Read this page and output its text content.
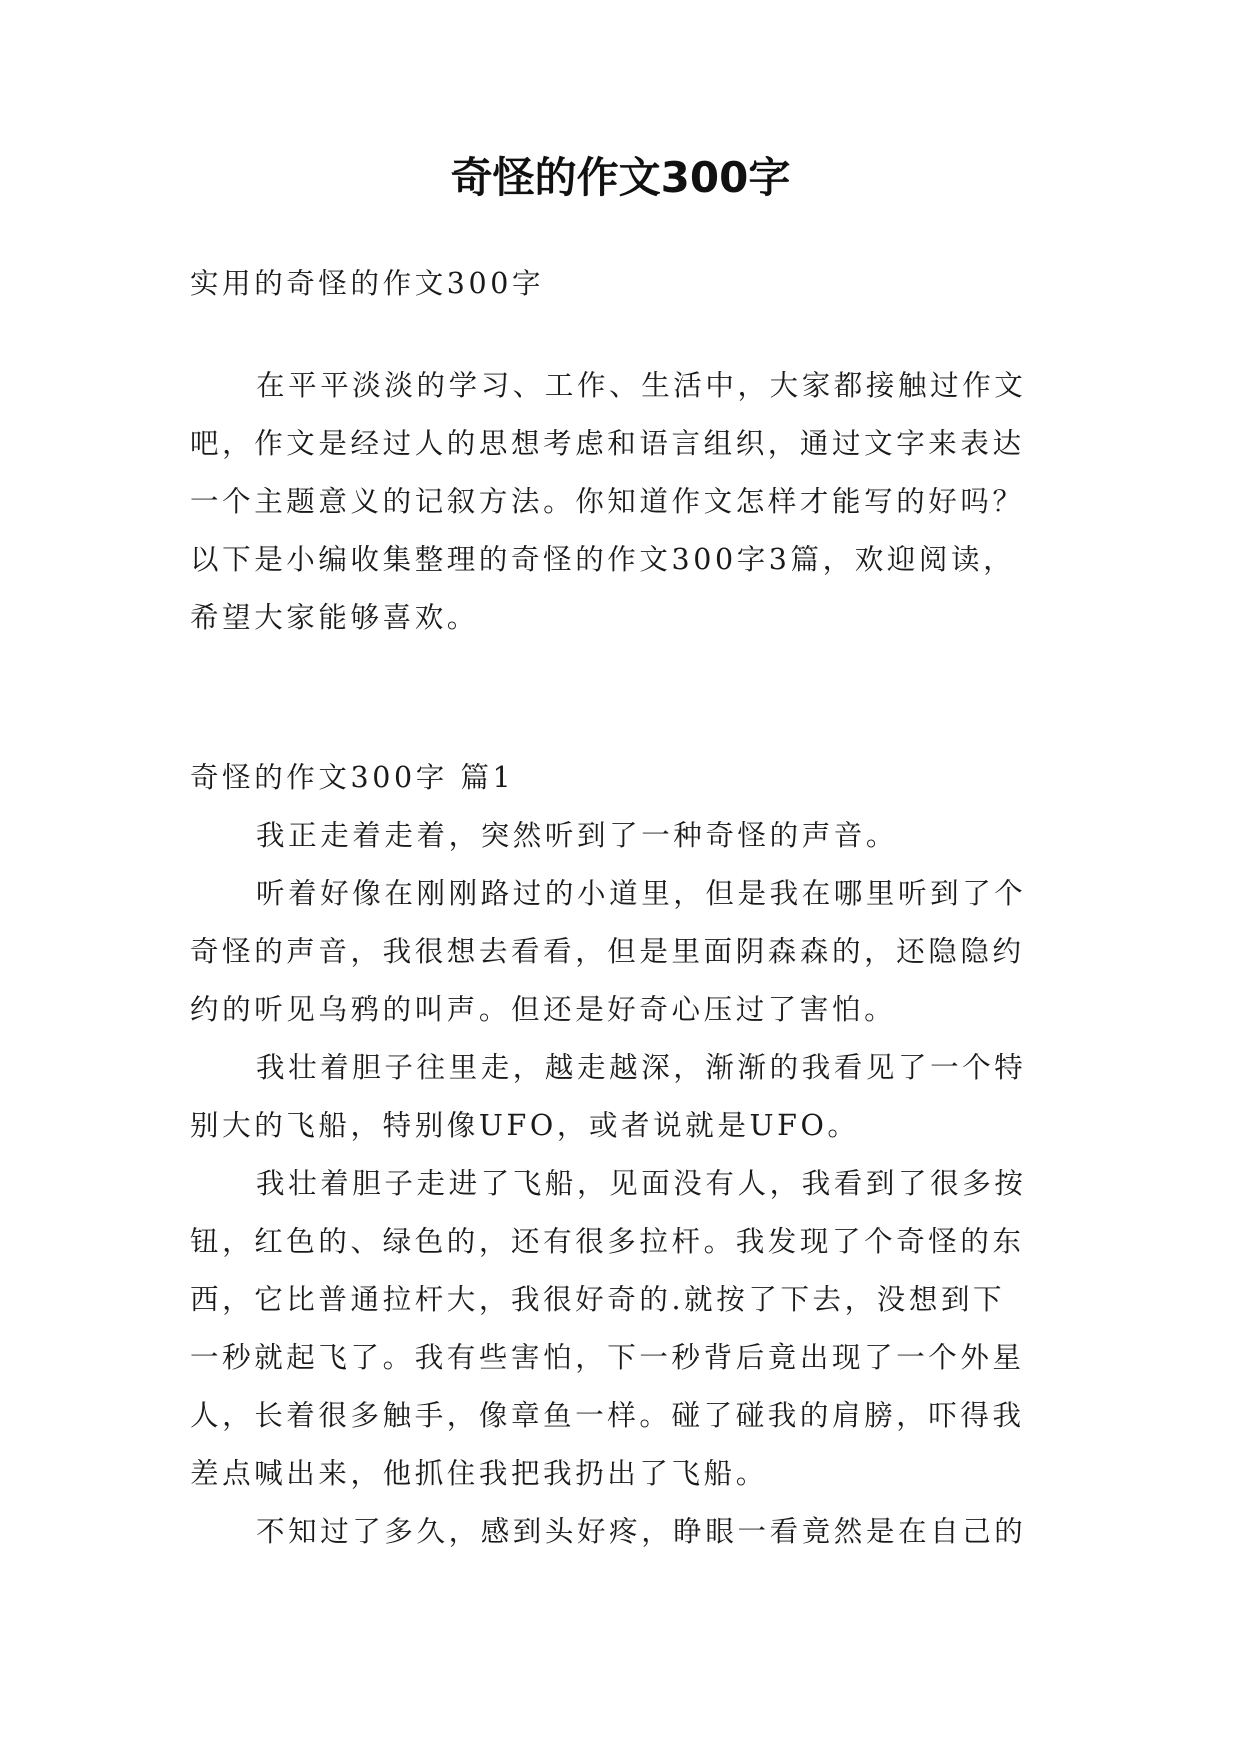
奇怪的作文300字
实用的奇怪的作文300字
在平平淡淡的学习、工作、生活中，大家都接触过作文
吧，作文是经过人的思想考虑和语言组织，通过文字来表达
一个主题意义的记叙方法。你知道作文怎样才能写的好吗？
以下是小编收集整理的奇怪的作文300字3篇，欢迎阅读，
希望大家能够喜欢。
奇怪的作文300字 篇1
我正走着走着，突然听到了一种奇怪的声音。
听着好像在刚刚路过的小道里，但是我在哪里听到了个
奇怪的声音，我很想去看看，但是里面阴森森的，还隐隐约
约的听见乌鸦的叫声。但还是好奇心压过了害怕。
我壮着胆子往里走，越走越深，渐渐的我看见了一个特
别大的飞船，特别像UFO，或者说就是UFO。
我壮着胆子走进了飞船，见面没有人，我看到了很多按
钮，红色的、绿色的，还有很多拉杆。我发现了个奇怪的东
西，它比普通拉杆大，我很好奇的.就按了下去，没想到下
一秒就起飞了。我有些害怕，下一秒背后竟出现了一个外星
人，长着很多触手，像章鱼一样。碰了碰我的肩膀，吓得我
差点喊出来，他抓住我把我扔出了飞船。
不知过了多久，感到头好疼，睁眼一看竟然是在自己的
